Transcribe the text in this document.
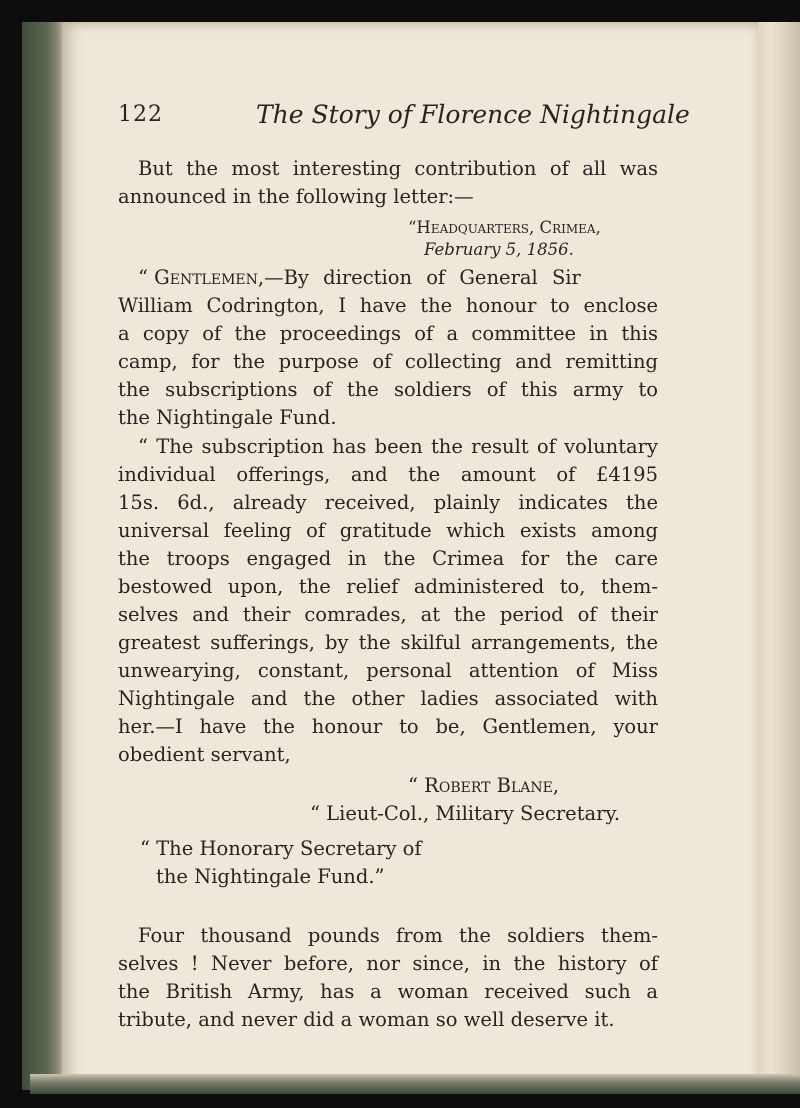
122	The Story of Florence Nightingale
But the most interesting contribution of all was
announced in the following letter:—
“Headquarters, Crimea,
February 5, 1856.
“ Gentlemen,—By direction of General Sir
William Codrington, I have the honour to enclose
a copy of the proceedings of a committee in this
camp, for the purpose of collecting and remitting
the subscriptions of the soldiers of this army to
the Nightingale Fund.
“ The subscription has been the result of voluntary
individual offerings, and the amount of £4195
15s. 6d., already received, plainly indicates the
universal feeling of gratitude which exists among
the troops engaged in the Crimea for the care
bestowed upon, the relief administered to, them-
selves and their comrades, at the period of their
greatest sufferings, by the skilful arrangements, the
unwearying, constant, personal attention of Miss
Nightingale and the other ladies associated with
her.—I have the honour to be, Gentlemen, your
obedient servant,
“ Robert Blane,
“ Lieut-Col., Military Secretary.
“ The Honorary Secretary of
the Nightingale Fund.”
Four thousand pounds from the soldiers them-
selves ! Never before, nor since, in the history of
the British Army, has a woman received such a
tribute, and never did a woman so well deserve it.
